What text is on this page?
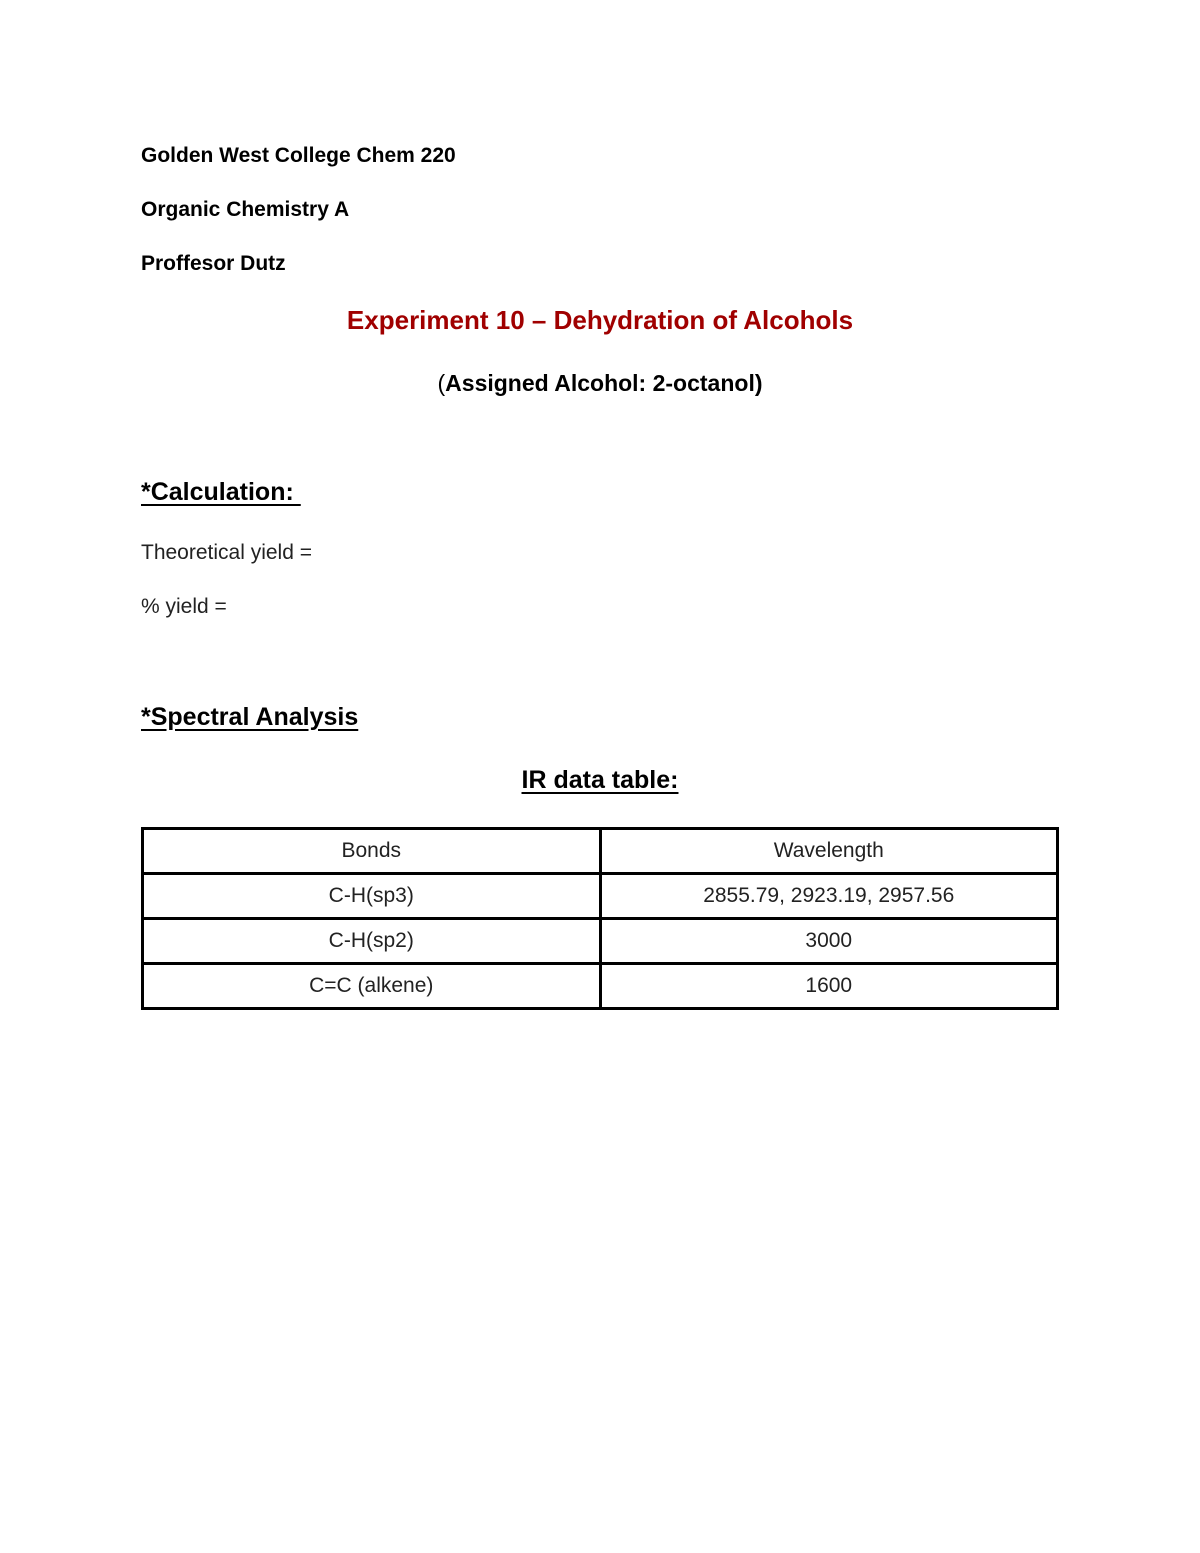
Golden West College Chem 220
Organic Chemistry A
Proffesor Dutz
Experiment 10 – Dehydration of Alcohols
(Assigned Alcohol: 2-octanol)
*Calculation:
Theoretical yield =
% yield =
*Spectral Analysis
IR data table:
Bonds	Wavelength
C-H(sp3)	2855.79, 2923.19, 2957.56
C-H(sp2)	3000
C=C (alkene)	1600
